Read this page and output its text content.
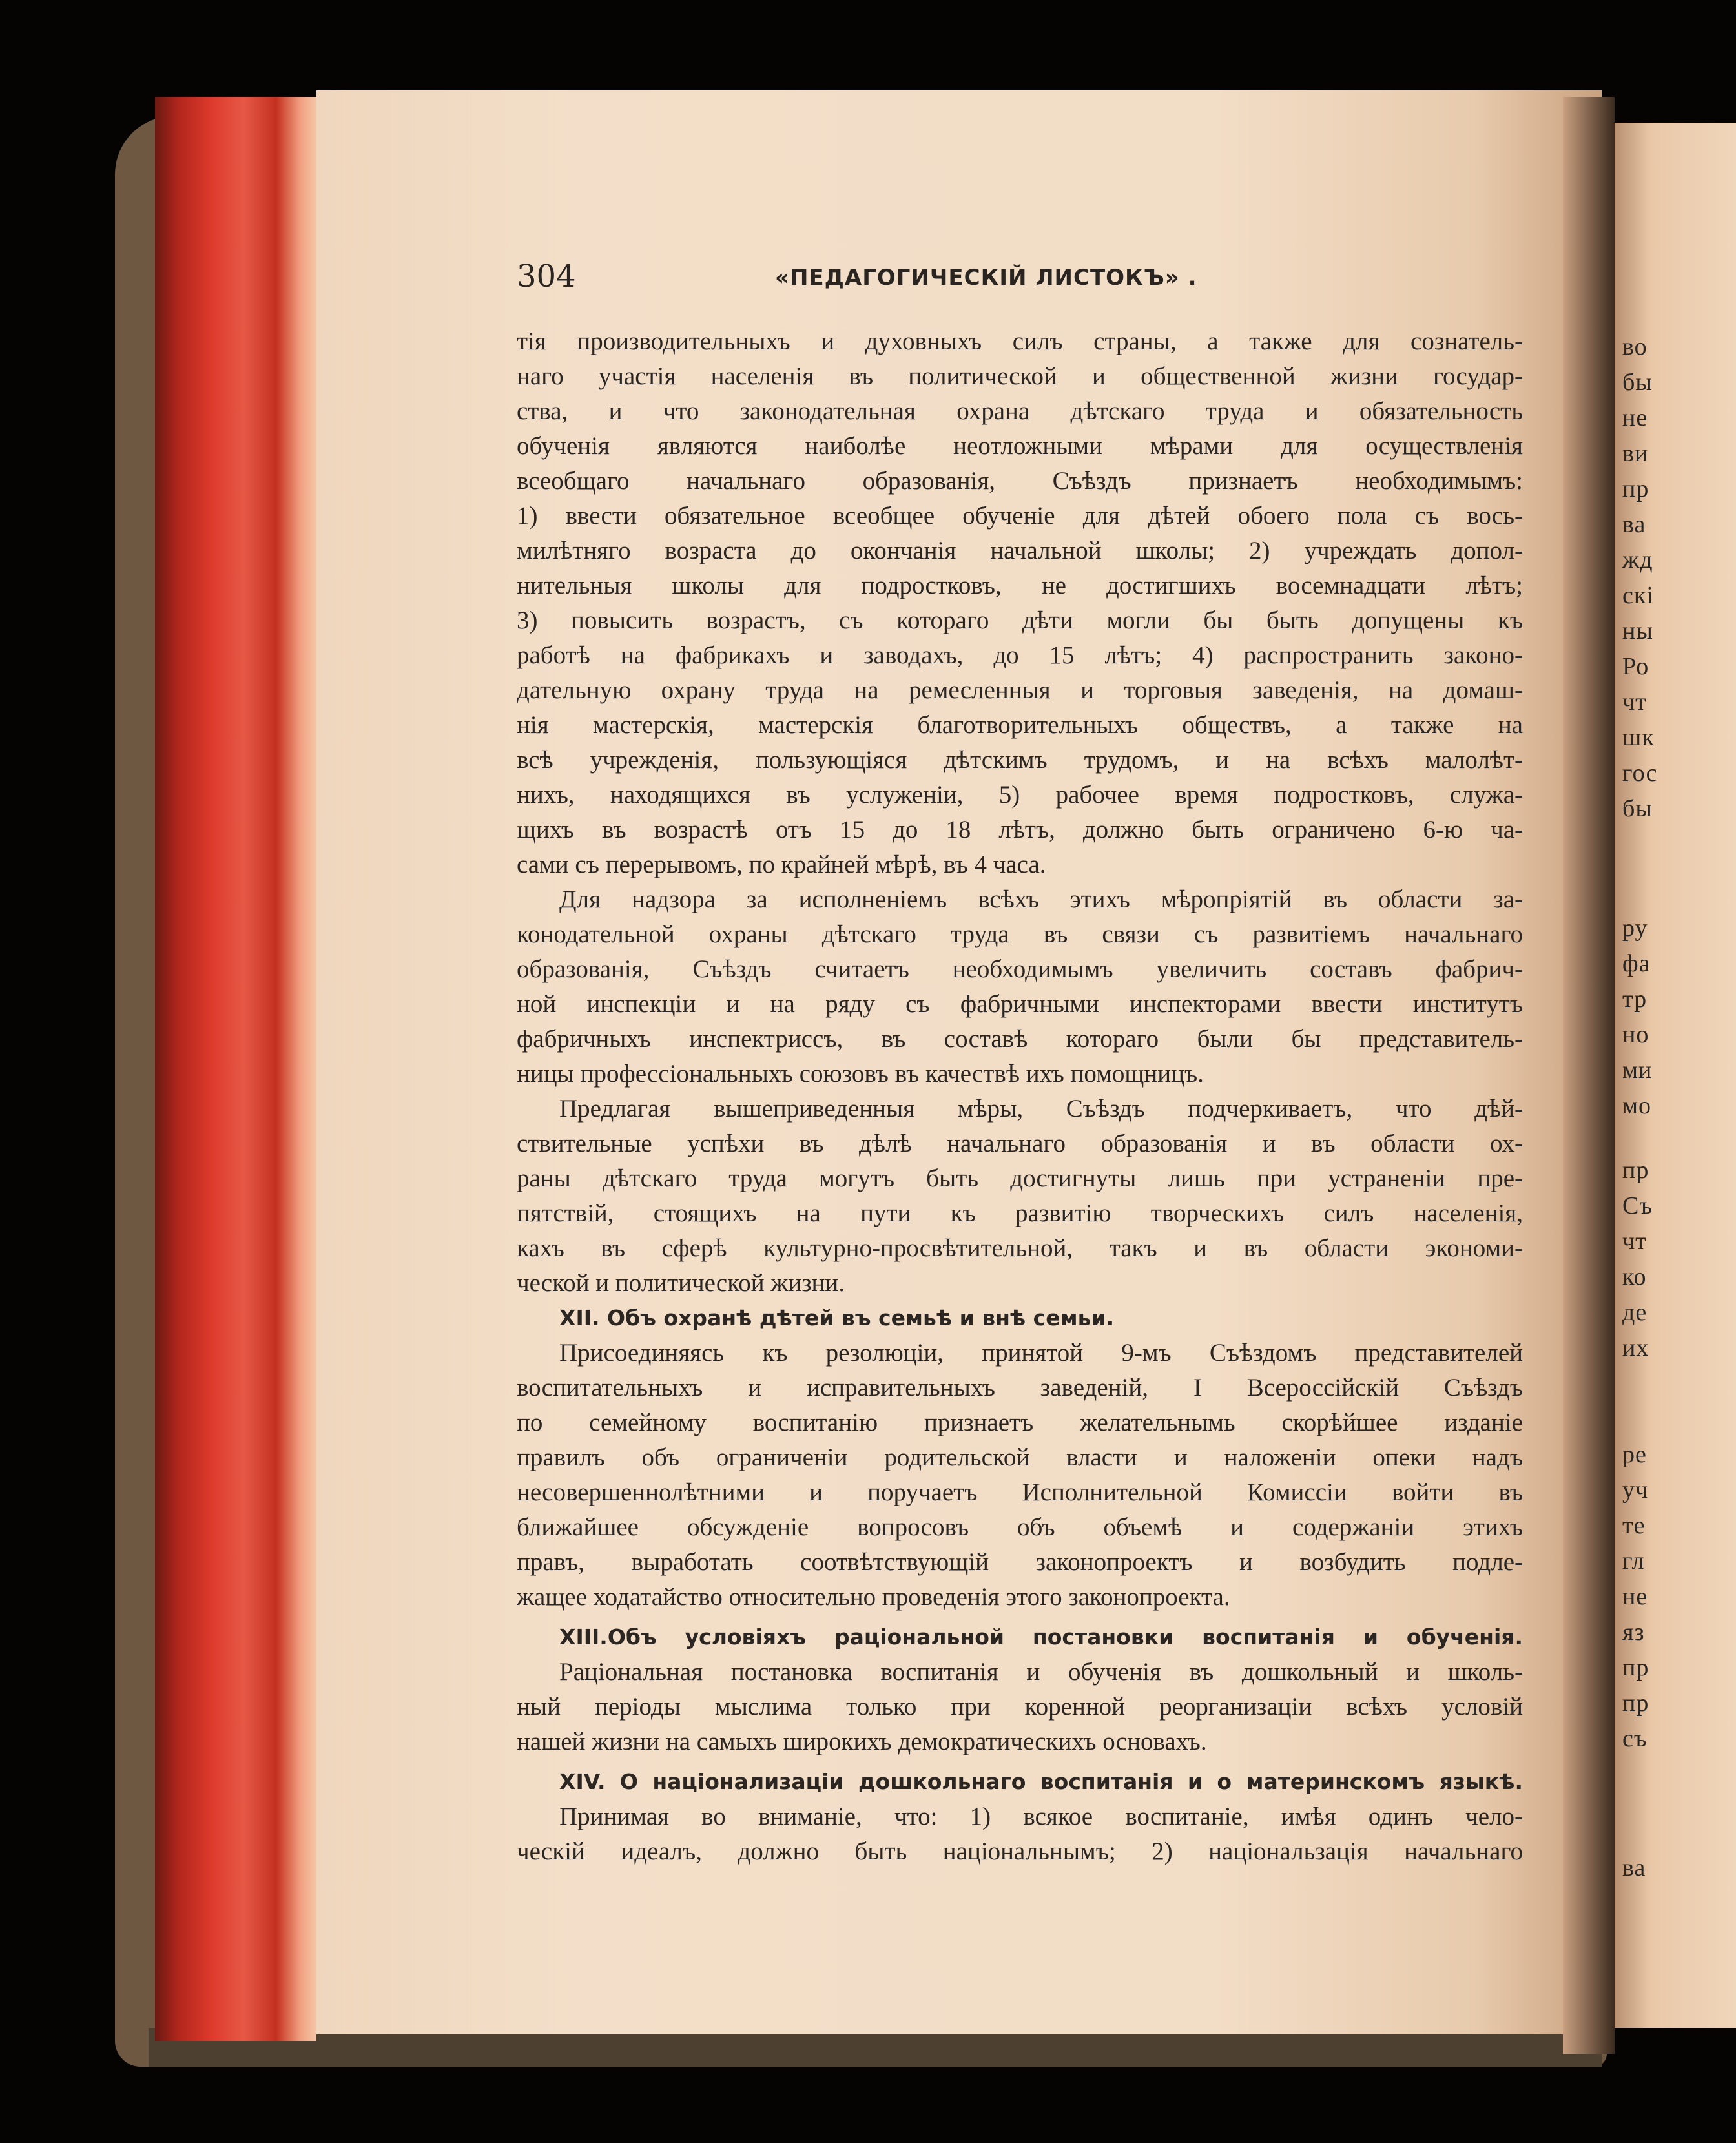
во
бы
не
ви
пр
ва
жд
скі
ны
Ро
чт
шк
гос
бы
ру
фа
тр
но
ми
мо
пр
Съ
чт
ко
де
их
ре
уч
те
гл
не
яз
пр
пр
съ
ва
304	«ПЕДАГОГИЧЕСКІЙ ЛИСТОКЪ» .
тія производительныхъ и духовныхъ силъ страны, а также для сознатель-
наго участія населенія въ политической и общественной жизни государ-
ства, и что законодательная охрана дѣтскаго труда и обязательность
обученія являются наиболѣе неотложными мѣрами для осуществленія
всеобщаго начальнаго образованія, Съѣздъ признаетъ необходимымъ:
1) ввести обязательное всеобщее обученіе для дѣтей обоего пола съ вось-
милѣтняго возраста до окончанія начальной школы; 2) учреждать допол-
нительныя школы для подростковъ, не достигшихъ восемнадцати лѣтъ;
3) повысить возрастъ, съ котораго дѣти могли бы быть допущены къ
работѣ на фабрикахъ и заводахъ, до 15 лѣтъ; 4) распространить законо-
дательную охрану труда на ремесленныя и торговыя заведенія, на домаш-
нія мастерскія, мастерскія благотворительныхъ обществъ, а также на
всѣ учрежденія, пользующіяся дѣтскимъ трудомъ, и на всѣхъ малолѣт-
нихъ, находящихся въ услуженіи, 5) рабочее время подростковъ, служа-
щихъ въ возрастѣ отъ 15 до 18 лѣтъ, должно быть ограничено 6-ю ча-
сами съ перерывомъ, по крайней мѣрѣ, въ 4 часа.
Для надзора за исполненіемъ всѣхъ этихъ мѣропріятій въ области за-
конодательной охраны дѣтскаго труда въ связи съ развитіемъ начальнаго
образованія, Съѣздъ считаетъ необходимымъ увеличить составъ фабрич-
ной инспекціи и на ряду съ фабричными инспекторами ввести институтъ
фабричныхъ инспектриссъ, въ составѣ котораго были бы представитель-
ницы профессіональныхъ союзовъ въ качествѣ ихъ помощницъ.
Предлагая вышеприведенныя мѣры, Съѣздъ подчеркиваетъ, что дѣй-
ствительные успѣхи въ дѣлѣ начальнаго образованія и въ области ох-
раны дѣтскаго труда могутъ быть достигнуты лишь при устраненіи пре-
пятствій, стоящихъ на пути къ развитію творческихъ силъ населенія,
кахъ въ сферѣ культурно-просвѣтительной, такъ и въ области экономи-
ческой и политической жизни.
XII. Объ охранѣ дѣтей въ семьѣ и внѣ семьи.
Присоединяясь къ резолюціи, принятой 9-мъ Съѣздомъ представителей
воспитательныхъ и исправительныхъ заведеній, I Всероссійскій Съѣздъ
по семейному воспитанію признаетъ желательнымь скорѣйшее изданіе
правилъ объ ограниченіи родительской власти и наложеніи опеки надъ
несовершеннолѣтними и поручаетъ Исполнительной Комиссіи войти въ
ближайшее обсужденіе вопросовъ объ объемѣ и содержаніи этихъ
правъ, выработать соотвѣтствующій законопроектъ и возбудить подле-
жащее ходатайство относительно проведенія этого законопроекта.
XIII.Объ условіяхъ раціональной постановки воспитанія и обученія.
Раціональная постановка воспитанія и обученія въ дошкольный и школь-
ный періоды мыслима только при коренной реорганизаціи всѣхъ условій
нашей жизни на самыхъ широкихъ демократическихъ основахъ.
XIV. О націонализаціи дошкольнаго воспитанія и о материнскомъ языкѣ.
Принимая во вниманіе, что: 1) всякое воспитаніе, имѣя одинъ чело-
ческій идеалъ, должно быть національнымъ; 2) національзація начальнаго
